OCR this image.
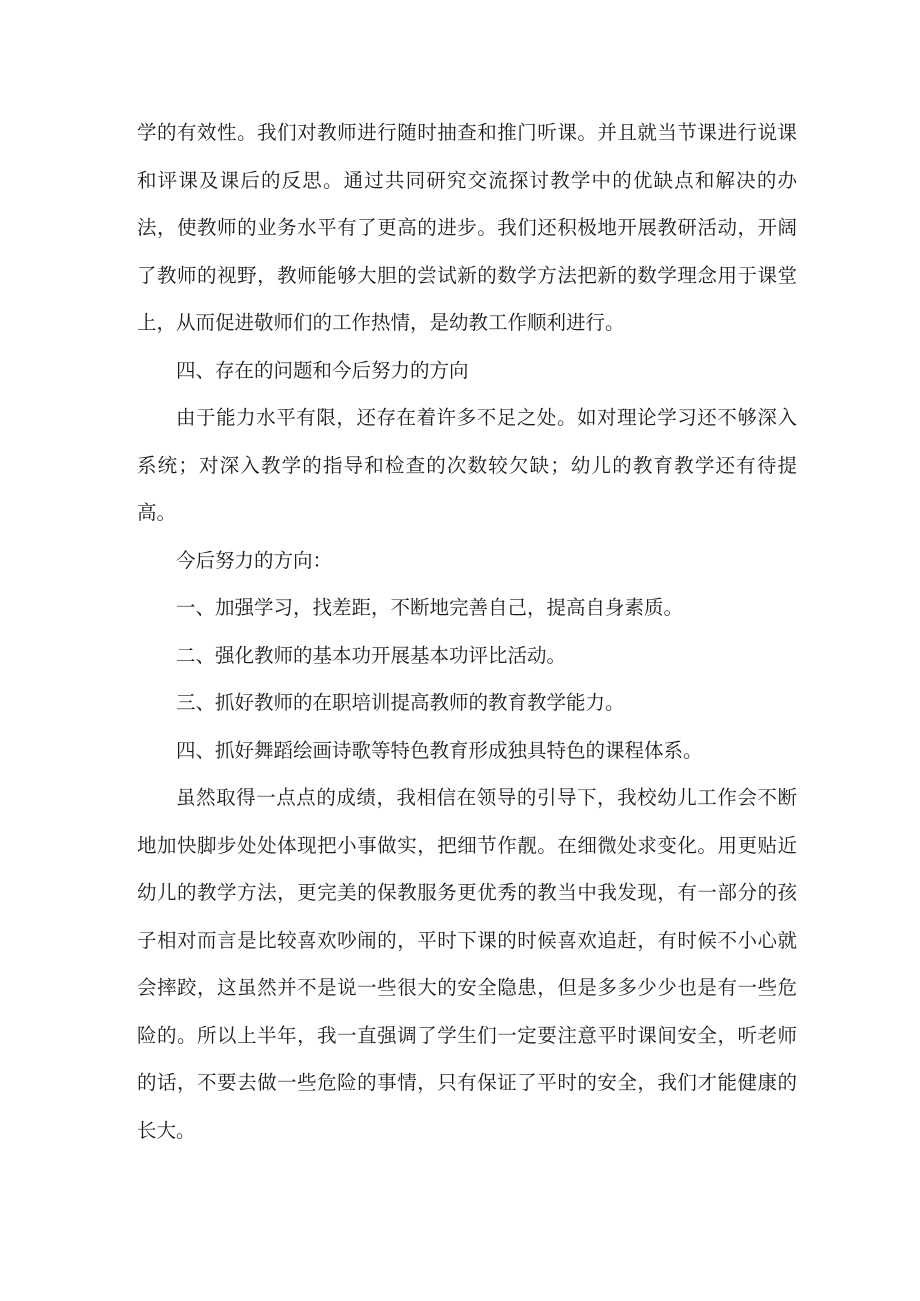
学的有效性。我们对教师进行随时抽查和推门听课。并且就当节课进行说课和评课及课后的反思。通过共同研究交流探讨教学中的优缺点和解决的办法，使教师的业务水平有了更高的进步。我们还积极地开展教研活动，开阔了教师的视野，教师能够大胆的尝试新的数学方法把新的数学理念用于课堂上，从而促进敬师们的工作热情，是幼教工作顺利进行。

四、存在的问题和今后努力的方向

由于能力水平有限，还存在着许多不足之处。如对理论学习还不够深入系统；对深入教学的指导和检查的次数较欠缺；幼儿的教育教学还有待提高。

今后努力的方向：

一、加强学习，找差距，不断地完善自己，提高自身素质。

二、强化教师的基本功开展基本功评比活动。

三、抓好教师的在职培训提高教师的教育教学能力。

四、抓好舞蹈绘画诗歌等特色教育形成独具特色的课程体系。

虽然取得一点点的成绩，我相信在领导的引导下，我校幼儿工作会不断地加快脚步处处体现把小事做实，把细节作靓。在细微处求变化。用更贴近幼儿的教学方法，更完美的保教服务更优秀的教当中我发现，有一部分的孩子相对而言是比较喜欢吵闹的，平时下课的时候喜欢追赶，有时候不小心就会摔跤，这虽然并不是说一些很大的安全隐患，但是多多少少也是有一些危险的。所以上半年，我一直强调了学生们一定要注意平时课间安全，听老师的话，不要去做一些危险的事情，只有保证了平时的安全，我们才能健康的长大。
